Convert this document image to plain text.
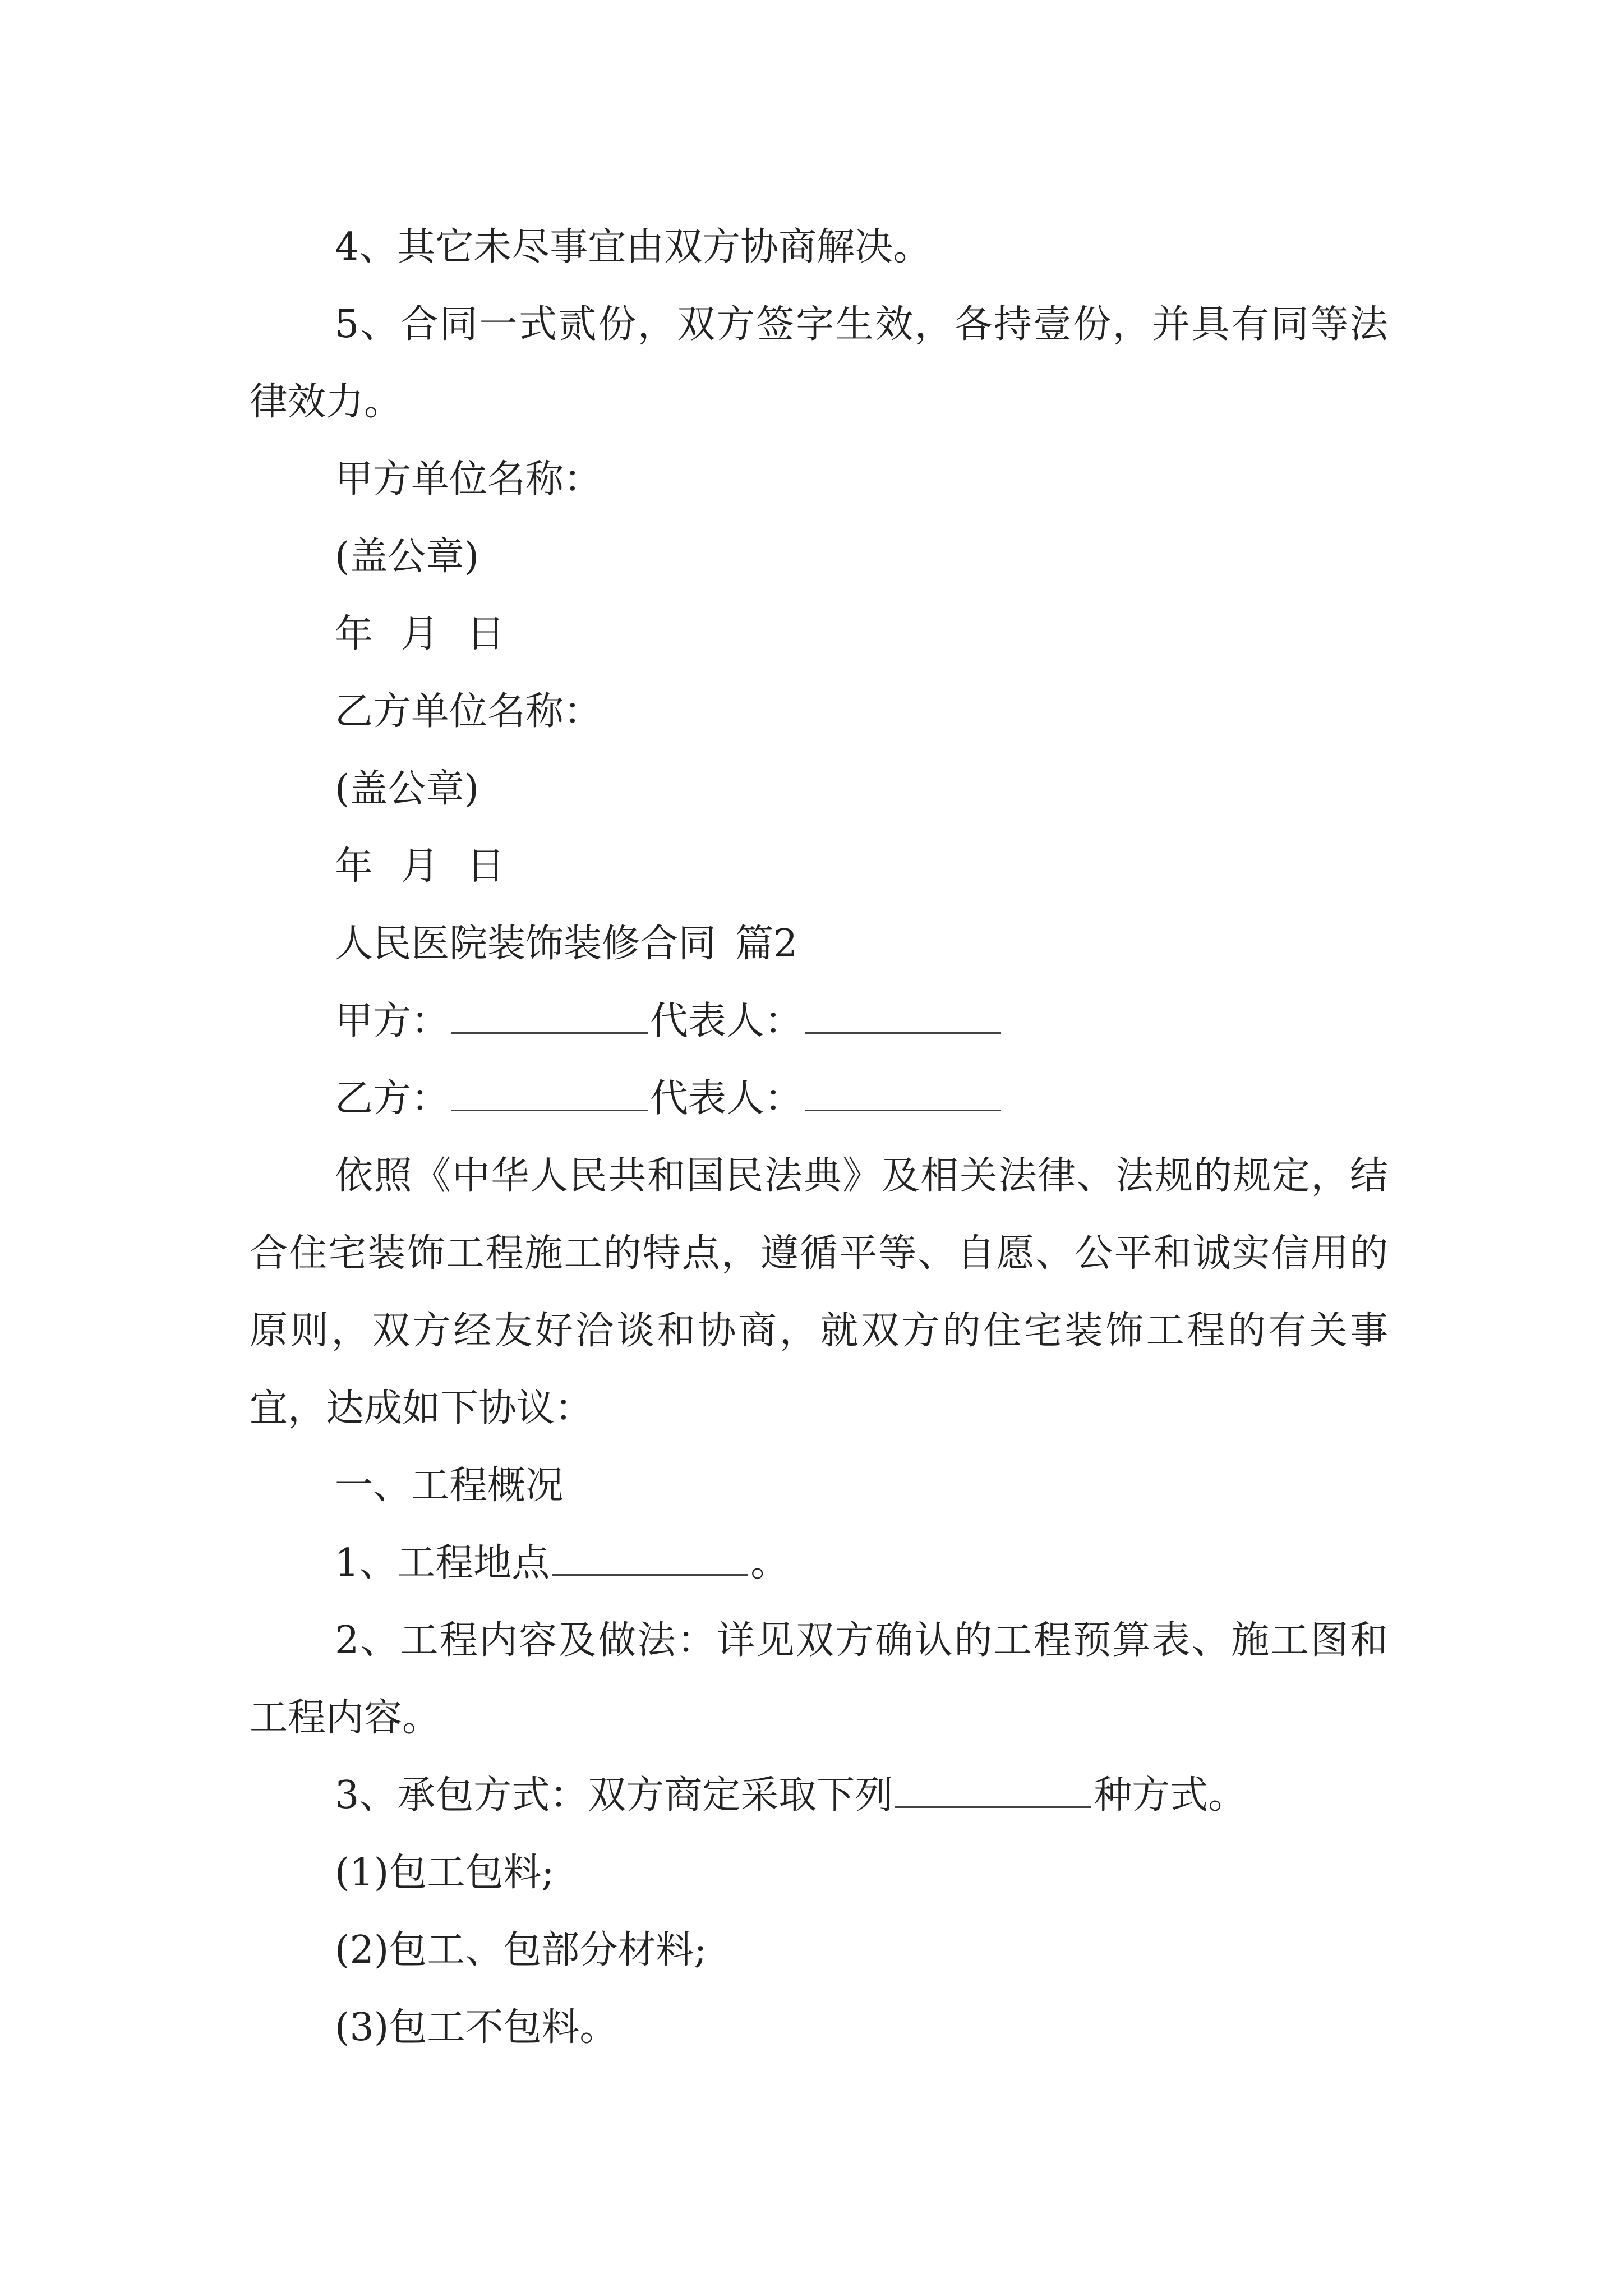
4、其它未尽事宜由双方协商解决。

5、合同一式贰份，双方签字生效，各持壹份，并具有同等法律效力。

甲方单位名称：

(盖公章)

年 月 日

乙方单位名称：

(盖公章)

年 月 日

人民医院装饰装修合同 篇2

甲方：	代表人：

乙方：	代表人：

依照《中华人民共和国民法典》及相关法律、法规的规定，结合住宅装饰工程施工的特点，遵循平等、自愿、公平和诚实信用的原则，双方经友好洽谈和协商，就双方的住宅装饰工程的有关事宜，达成如下协议：

一、工程概况

1、工程地点	。

2、工程内容及做法：详见双方确认的工程预算表、施工图和工程内容。

3、承包方式：双方商定采取下列	种方式。

(1)包工包料;

(2)包工、包部分材料;

(3)包工不包料。
